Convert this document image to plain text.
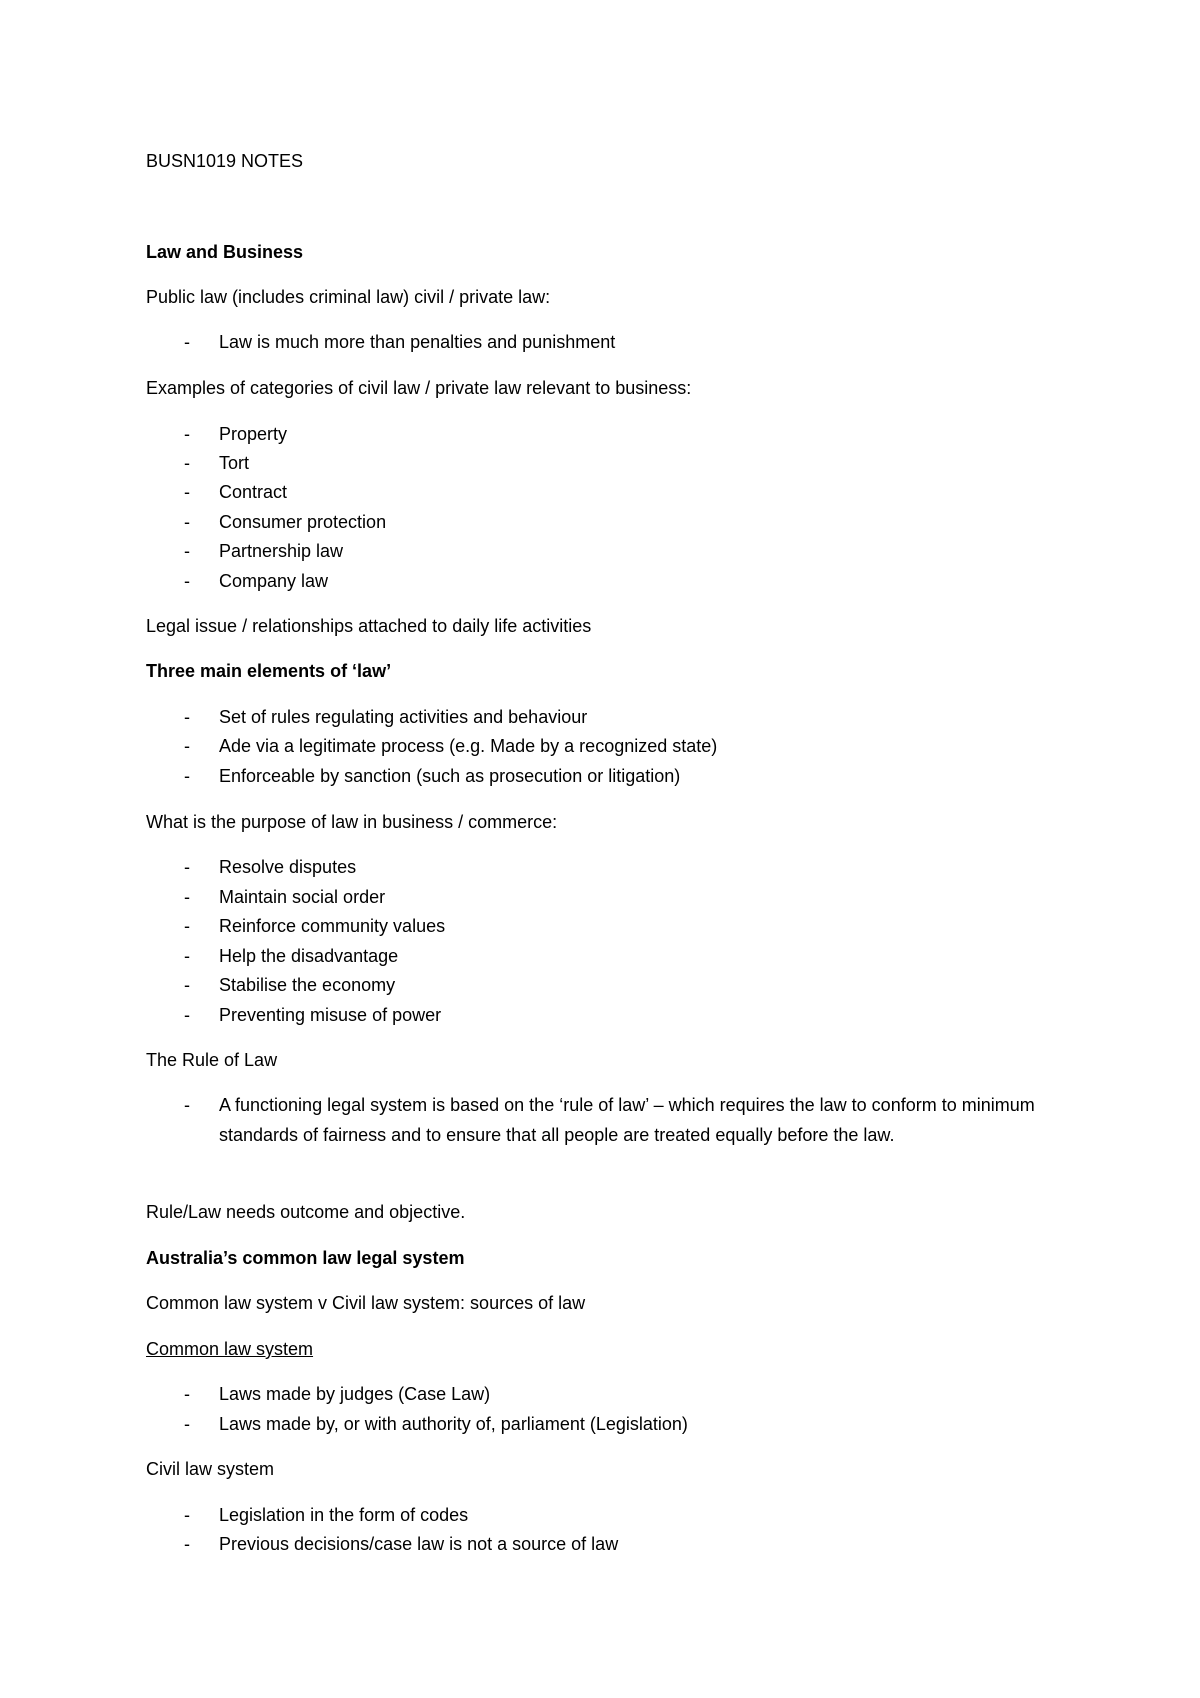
BUSN1019 NOTES

Law and Business

Public law (includes criminal law) civil / private law:

- Law is much more than penalties and punishment

Examples of categories of civil law / private law relevant to business:

- Property
- Tort
- Contract
- Consumer protection
- Partnership law
- Company law

Legal issue / relationships attached to daily life activities

Three main elements of ‘law’

- Set of rules regulating activities and behaviour
- Ade via a legitimate process (e.g. Made by a recognized state)
- Enforceable by sanction (such as prosecution or litigation)

What is the purpose of law in business / commerce:

- Resolve disputes
- Maintain social order
- Reinforce community values
- Help the disadvantage
- Stabilise the economy
- Preventing misuse of power

The Rule of Law

- A functioning legal system is based on the ‘rule of law’ – which requires the law to conform to minimum standards of fairness and to ensure that all people are treated equally before the law.

Rule/Law needs outcome and objective.

Australia’s common law legal system

Common law system v Civil law system: sources of law

Common law system

- Laws made by judges (Case Law)
- Laws made by, or with authority of, parliament (Legislation)

Civil law system

- Legislation in the form of codes
- Previous decisions/case law is not a source of law
